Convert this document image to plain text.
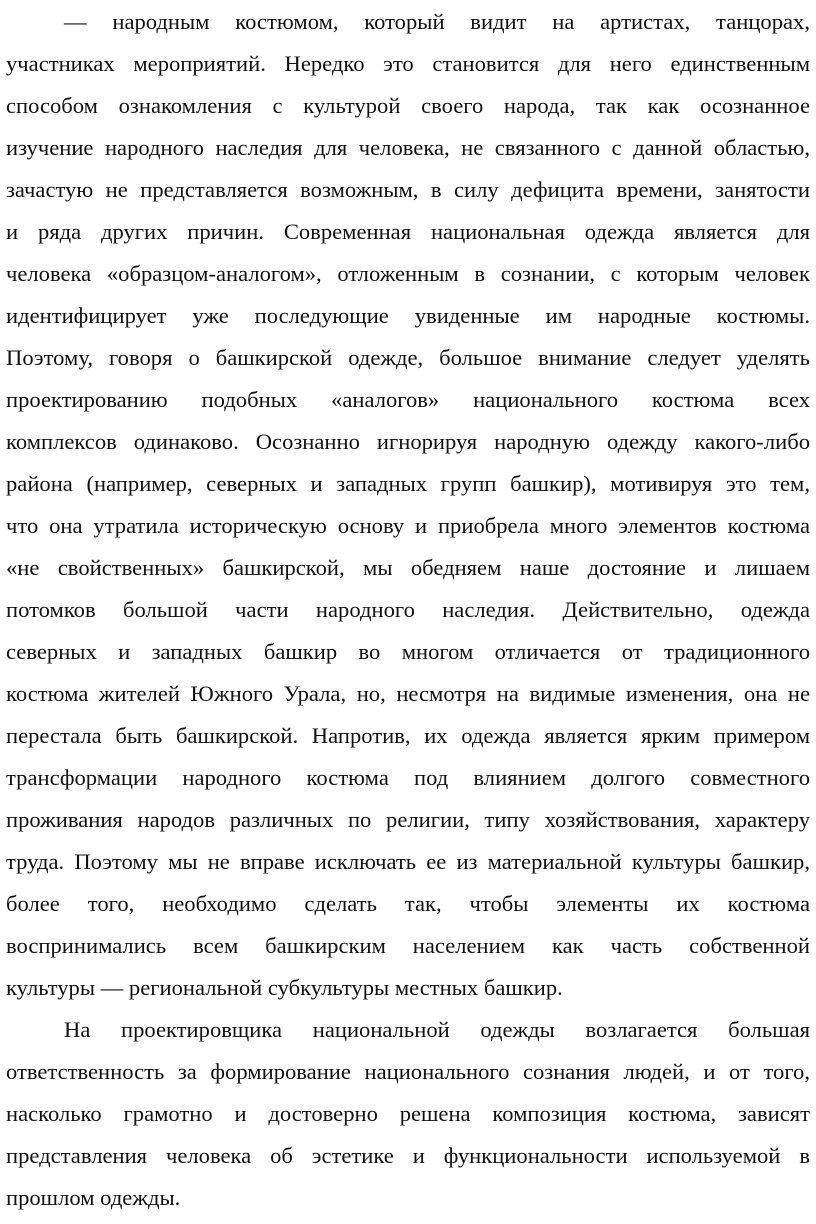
— народным костюмом, который видит на артистах, танцорах,
участниках мероприятий. Нередко это становится для него единственным
способом ознакомления с культурой своего народа, так как осознанное
изучение народного наследия для человека, не связанного с данной областью,
зачастую не представляется возможным, в силу дефицита времени, занятости
и ряда других причин. Современная национальная одежда является для
человека «образцом-аналогом», отложенным в сознании, с которым человек
идентифицирует уже последующие увиденные им народные костюмы.
Поэтому, говоря о башкирской одежде, большое внимание следует уделять
проектированию подобных «аналогов» национального костюма всех
комплексов одинаково. Осознанно игнорируя народную одежду какого-либо
района (например, северных и западных групп башкир), мотивируя это тем,
что она утратила историческую основу и приобрела много элементов костюма
«не свойственных» башкирской, мы обедняем наше достояние и лишаем
потомков большой части народного наследия. Действительно, одежда
северных и западных башкир во многом отличается от традиционного
костюма жителей Южного Урала, но, несмотря на видимые изменения, она не
перестала быть башкирской. Напротив, их одежда является ярким примером
трансформации народного костюма под влиянием долгого совместного
проживания народов различных по религии, типу хозяйствования, характеру
труда. Поэтому мы не вправе исключать ее из материальной культуры башкир,
более того, необходимо сделать так, чтобы элементы их костюма
воспринимались всем башкирским населением как часть собственной
культуры — региональной субкультуры местных башкир.
На проектировщика национальной одежды возлагается большая
ответственность за формирование национального сознания людей, и от того,
насколько грамотно и достоверно решена композиция костюма, зависят
представления человека об эстетике и функциональности используемой в
прошлом одежды.
